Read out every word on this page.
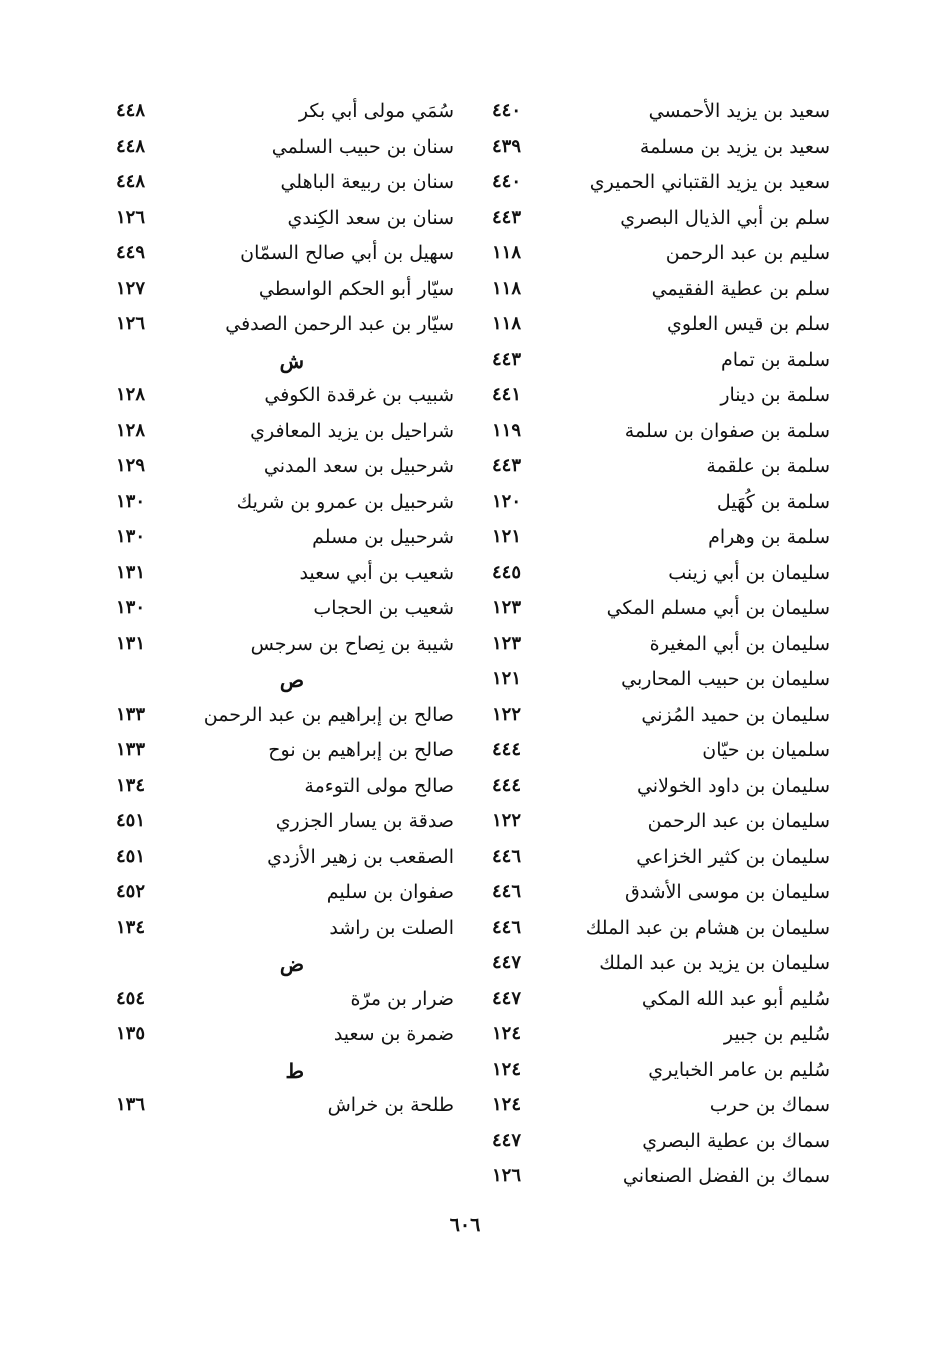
سعيد بن يزيد الأحمسي
٤٤٠
سعيد بن يزيد بن مسلمة
٤٣٩
سعيد بن يزيد القتباني الحميري
٤٤٠
سلم بن أبي الذيال البصري
٤٤٣
سليم بن عبد الرحمن
١١٨
سلم بن عطية الفقيمي
١١٨
سلم بن قيس العلوي
١١٨
سلمة بن تمام
٤٤٣
سلمة بن دينار
٤٤١
سلمة بن صفوان بن سلمة
١١٩
سلمة بن علقمة
٤٤٣
سلمة بن كُهَيل
١٢٠
سلمة بن وهرام
١٢١
سليمان بن أبي زينب
٤٤٥
سليمان بن أبي مسلم المكي
١٢٣
سليمان بن أبي المغيرة
١٢٣
سليمان بن حبيب المحاربي
١٢١
سليمان بن حميد المُزني
١٢٢
سلميان بن حيّان
٤٤٤
سليمان بن داود الخولاني
٤٤٤
سليمان بن عبد الرحمن
١٢٢
سليمان بن كثير الخزاعي
٤٤٦
سليمان بن موسى الأشدق
٤٤٦
سليمان بن هشام بن عبد الملك
٤٤٦
سليمان بن يزيد بن عبد الملك
٤٤٧
سُليم أبو عبد الله المكي
٤٤٧
سُليم بن جبير
١٢٤
سُليم بن عامر الخبايري
١٢٤
سماك بن حرب
١٢٤
سماك بن عطية البصري
٤٤٧
سماك بن الفضل الصنعاني
١٢٦
سُمَي مولى أبي بكر
٤٤٨
سنان بن حبيب السلمي
٤٤٨
سنان بن ربيعة الباهلي
٤٤٨
سنان بن سعد الكِندي
١٢٦
سهيل بن أبي صالح السمّان
٤٤٩
سيّار أبو الحكم الواسطي
١٢٧
سيّار بن عبد الرحمن الصدفي
١٢٦
ش
شبيب بن غرقدة الكوفي
١٢٨
شراحيل بن يزيد المعافري
١٢٨
شرحبيل بن سعد المدني
١٢٩
شرحبيل بن عمرو بن شريك
١٣٠
شرحبيل بن مسلم
١٣٠
شعيب بن أبي سعيد
١٣١
شعيب بن الحجاب
١٣٠
شيبة بن نِصاح بن سرجس
١٣١
ص
صالح بن إبراهيم بن عبد الرحمن
١٣٣
صالح بن إبراهيم بن نوح
١٣٣
صالح مولى التوءمة
١٣٤
صدقة بن يسار الجزري
٤٥١
الصقعب بن زهير الأزدي
٤٥١
صفوان بن سليم
٤٥٢
الصلت بن راشد
١٣٤
ض
ضرار بن مرّة
٤٥٤
ضمرة بن سعيد
١٣٥
ط
طلحة بن خراش
١٣٦
٦٠٦
